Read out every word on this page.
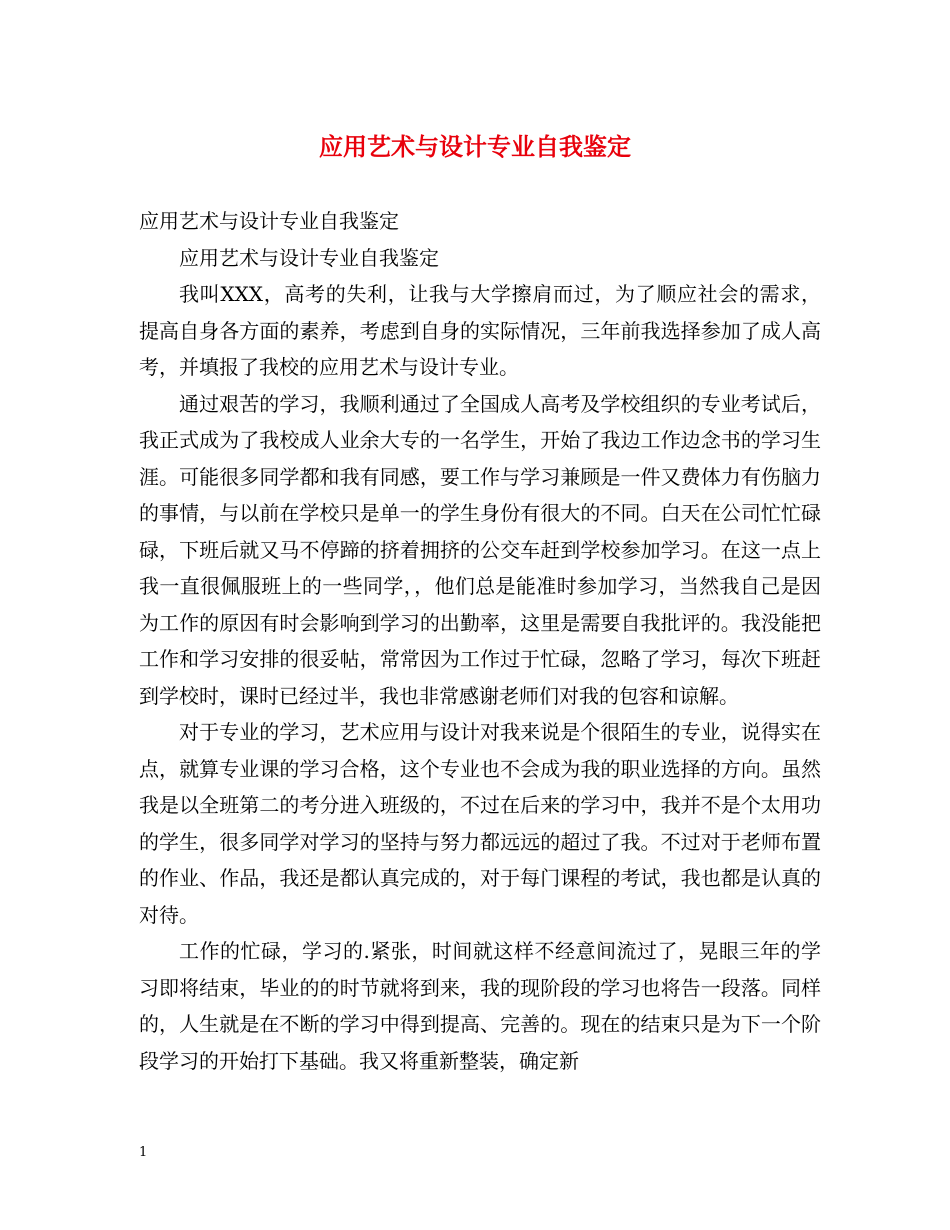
应用艺术与设计专业自我鉴定

应用艺术与设计专业自我鉴定

应用艺术与设计专业自我鉴定

我叫XXX，高考的失利，让我与大学擦肩而过，为了顺应社会的需求，提高自身各方面的素养，考虑到自身的实际情况，三年前我选择参加了成人高考，并填报了我校的应用艺术与设计专业。

通过艰苦的学习，我顺利通过了全国成人高考及学校组织的专业考试后，我正式成为了我校成人业余大专的一名学生，开始了我边工作边念书的学习生涯。可能很多同学都和我有同感，要工作与学习兼顾是一件又费体力有伤脑力的事情，与以前在学校只是单一的学生身份有很大的不同。白天在公司忙忙碌碌，下班后就又马不停蹄的挤着拥挤的公交车赶到学校参加学习。在这一点上我一直很佩服班上的一些同学，，他们总是能准时参加学习，当然我自己是因为工作的原因有时会影响到学习的出勤率，这里是需要自我批评的。我没能把工作和学习安排的很妥帖，常常因为工作过于忙碌，忽略了学习，每次下班赶到学校时，课时已经过半，我也非常感谢老师们对我的包容和谅解。

对于专业的学习，艺术应用与设计对我来说是个很陌生的专业，说得实在点，就算专业课的学习合格，这个专业也不会成为我的职业选择的方向。虽然我是以全班第二的考分进入班级的，不过在后来的学习中，我并不是个太用功的学生，很多同学对学习的坚持与努力都远远的超过了我。不过对于老师布置的作业、作品，我还是都认真完成的，对于每门课程的考试，我也都是认真的对待。

工作的忙碌，学习的.紧张，时间就这样不经意间流过了，晃眼三年的学习即将结束，毕业的的时节就将到来，我的现阶段的学习也将告一段落。同样的，人生就是在不断的学习中得到提高、完善的。现在的结束只是为下一个阶段学习的开始打下基础。我又将重新整装，确定新

1
